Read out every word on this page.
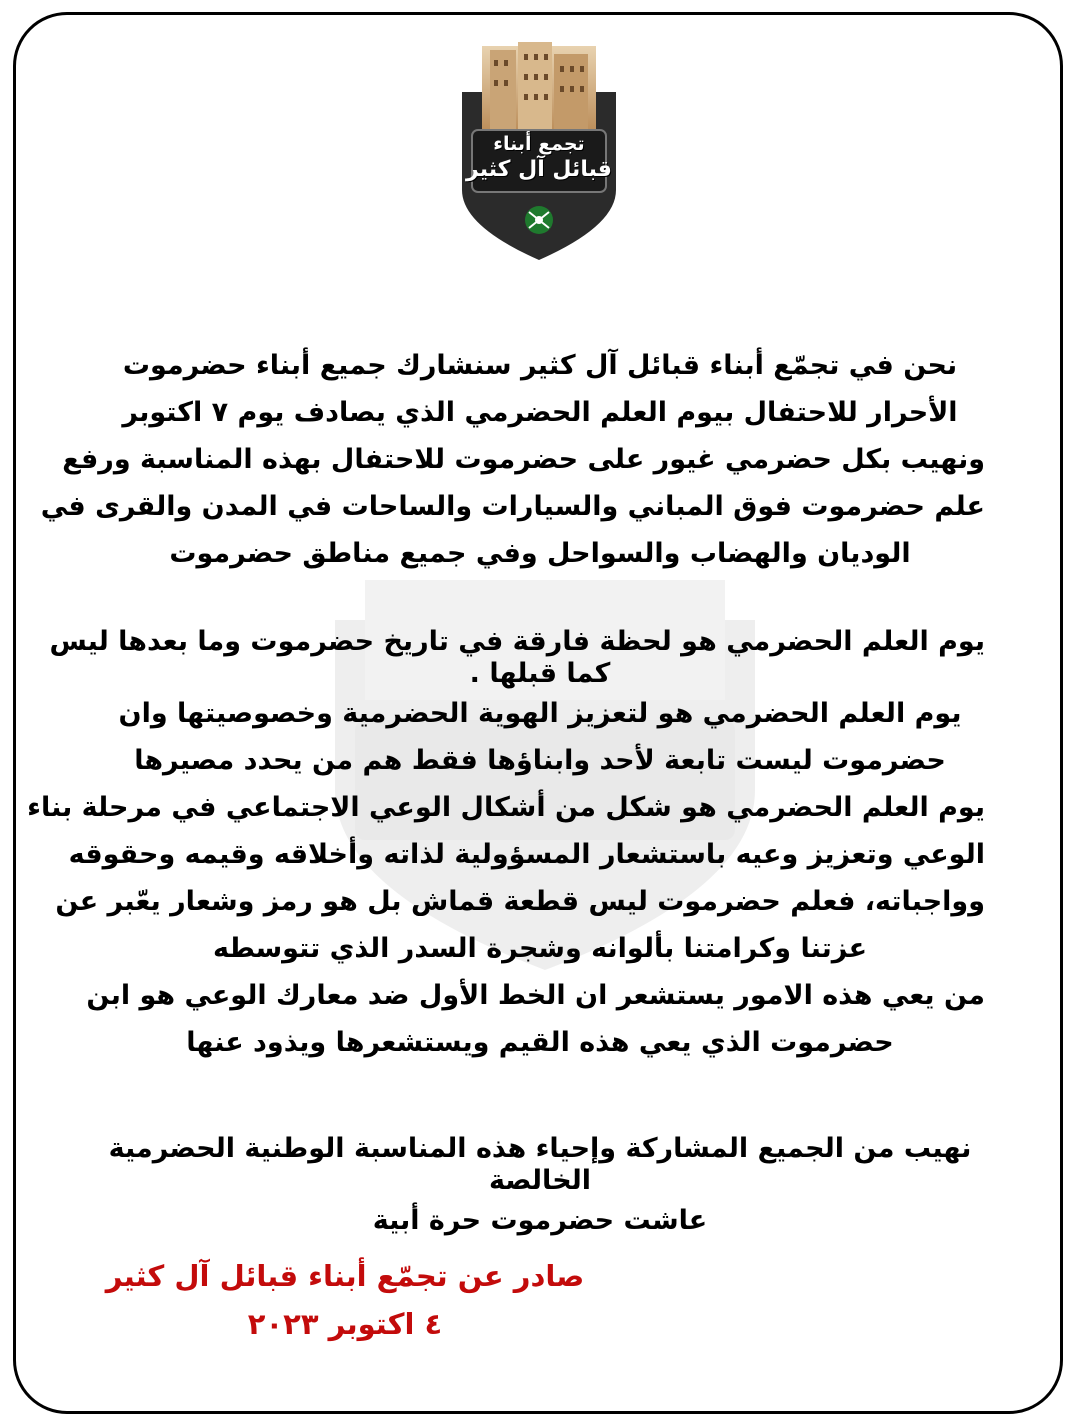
تجمع أبناء
قبائل آل كثير
نحن في تجمّع أبناء قبائل آل كثير سنشارك جميع أبناء حضرموت
الأحرار للاحتفال بيوم العلم الحضرمي الذي يصادف يوم ٧ اكتوبر
ونهيب بكل حضرمي غيور على حضرموت للاحتفال بهذه المناسبة ورفع
علم حضرموت فوق المباني والسيارات والساحات في المدن والقرى في
الوديان والهضاب والسواحل وفي جميع مناطق حضرموت
يوم العلم الحضرمي هو لحظة فارقة في تاريخ حضرموت وما بعدها ليس
كما قبلها .
يوم العلم الحضرمي هو لتعزيز الهوية الحضرمية وخصوصيتها وان
حضرموت ليست تابعة لأحد وابناؤها فقط هم من يحدد مصيرها
يوم العلم الحضرمي هو شكل من أشكال الوعي الاجتماعي في مرحلة بناء
الوعي وتعزيز وعيه باستشعار المسؤولية لذاته وأخلاقه وقيمه وحقوقه
وواجباته، فعلم حضرموت ليس قطعة قماش بل هو رمز وشعار يعّبر عن
عزتنا وكرامتنا بألوانه وشجرة السدر الذي تتوسطه
من يعي هذه الامور يستشعر ان الخط الأول ضد معارك الوعي هو ابن
حضرموت الذي يعي هذه القيم ويستشعرها ويذود عنها
نهيب من الجميع المشاركة وإحياء هذه المناسبة الوطنية الحضرمية
الخالصة
عاشت حضرموت حرة أبية
صادر عن تجمّع أبناء قبائل آل كثير
٤ اكتوبر ٢٠٢٣
